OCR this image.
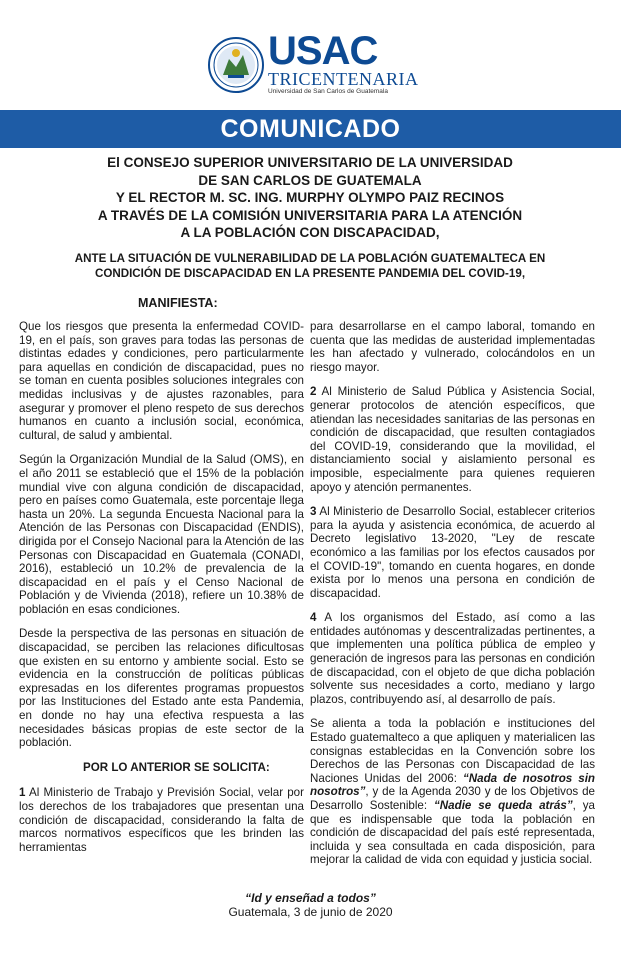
USAC
TRICENTENARIA
Universidad de San Carlos de Guatemala
COMUNICADO
El CONSEJO SUPERIOR UNIVERSITARIO DE LA UNIVERSIDAD
DE SAN CARLOS DE GUATEMALA
Y EL RECTOR M. SC. ING. MURPHY OLYMPO PAIZ RECINOS
A TRAVÉS DE LA COMISIÓN UNIVERSITARIA PARA LA ATENCIÓN
A LA POBLACIÓN CON DISCAPACIDAD,
ANTE LA SITUACIÓN DE VULNERABILIDAD DE LA POBLACIÓN GUATEMALTECA EN
CONDICIÓN DE DISCAPACIDAD EN LA PRESENTE PANDEMIA DEL COVID-19,
MANIFIESTA:

Que los riesgos que presenta la enfermedad COVID-19, en el país, son graves para todas las personas de distintas edades y condiciones, pero particularmente para aquellas en condición de discapacidad, pues no se toman en cuenta posibles soluciones integrales con medidas inclusivas y de ajustes razonables, para asegurar y promover el pleno respeto de sus derechos humanos en cuanto a inclusión social, económica, cultural, de salud y ambiental.

Según la Organización Mundial de la Salud (OMS), en el año 2011 se estableció que el 15% de la población mundial vive con alguna condición de discapacidad, pero en países como Guatemala, este porcentaje llega hasta un 20%. La segunda Encuesta Nacional para la Atención de las Personas con Discapacidad (ENDIS), dirigida por el Consejo Nacional para la Atención de las Personas con Discapacidad en Guatemala (CONADI, 2016), estableció un 10.2% de prevalencia de la discapacidad en el país y el Censo Nacional de Población y de Vivienda (2018), refiere un 10.38% de población en esas condiciones.

Desde la perspectiva de las personas en situación de discapacidad, se perciben las relaciones dificultosas que existen en su entorno y ambiente social. Esto se evidencia en la construcción de políticas públicas expresadas en los diferentes programas propuestos por las Instituciones del Estado ante esta Pandemia, en donde no hay una efectiva respuesta a las necesidades básicas propias de este sector de la población.

POR LO ANTERIOR SE SOLICITA:

1 Al Ministerio de Trabajo y Previsión Social, velar por los derechos de los trabajadores que presentan una condición de discapacidad, considerando la falta de marcos normativos específicos que les brinden las herramientas

para desarrollarse en el campo laboral, tomando en cuenta que las medidas de austeridad implementadas les han afectado y vulnerado, colocándolos en un riesgo mayor.

2 Al Ministerio de Salud Pública y Asistencia Social, generar protocolos de atención específicos, que atiendan las necesidades sanitarias de las personas en condición de discapacidad, que resulten contagiados del COVID-19, considerando que la movilidad, el distanciamiento social y aislamiento personal es imposible, especialmente para quienes requieren apoyo y atención permanentes.

3 Al Ministerio de Desarrollo Social, establecer criterios para la ayuda y asistencia económica, de acuerdo al Decreto legislativo 13-2020, "Ley de rescate económico a las familias por los efectos causados por el COVID-19", tomando en cuenta hogares, en donde exista por lo menos una persona en condición de discapacidad.

4 A los organismos del Estado, así como a las entidades autónomas y descentralizadas pertinentes, a que implementen una política pública de empleo y generación de ingresos para las personas en condición de discapacidad, con el objeto de que dicha población solvente sus necesidades a corto, mediano y largo plazos, contribuyendo así, al desarrollo de país.

Se alienta a toda la población e instituciones del Estado guatemalteco a que apliquen y materialicen las consignas establecidas en la Convención sobre los Derechos de las Personas con Discapacidad de las Naciones Unidas del 2006: “Nada de nosotros sin nosotros”, y de la Agenda 2030 y de los Objetivos de Desarrollo Sostenible: “Nadie se queda atrás”, ya que es indispensable que toda la población en condición de discapacidad del país esté representada, incluida y sea consultada en cada disposición, para mejorar la calidad de vida con equidad y justicia social.

“Id y enseñad a todos”
Guatemala, 3 de junio de 2020
